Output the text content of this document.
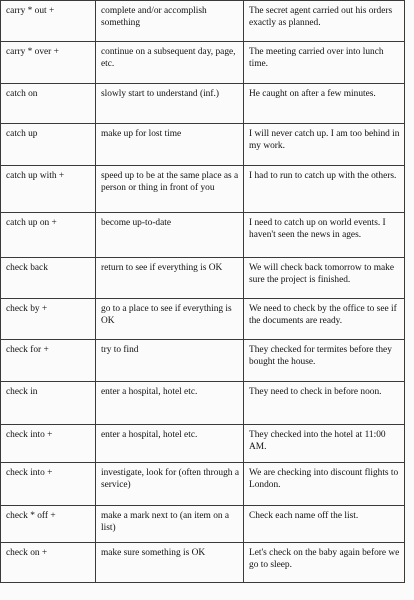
carry * out +	complete and/or accomplish something	The secret agent carried out his orders exactly as planned.
carry * over +	continue on a subsequent day, page, etc.	The meeting carried over into lunch time.
catch on	slowly start to understand (inf.)	He caught on after a few minutes.
catch up	make up for lost time	I will never catch up. I am too behind in my work.
catch up with +	speed up to be at the same place as a person or thing in front of you	I had to run to catch up with the others.
catch up on +	become up-to-date	I need to catch up on world events. I haven't seen the news in ages.
check back	return to see if everything is OK	We will check back tomorrow to make sure the project is finished.
check by +	go to a place to see if everything is OK	We need to check by the office to see if the documents are ready.
check for +	try to find	They checked for termites before they bought the house.
check in	enter a hospital, hotel etc.	They need to check in before noon.
check into +	enter a hospital, hotel etc.	They checked into the hotel at 11:00 AM.
check into +	investigate, look for (often through a service)	We are checking into discount flights to London.
check * off +	make a mark next to (an item on a list)	Check each name off the list.
check on +	make sure something is OK	Let's check on the baby again before we go to sleep.
